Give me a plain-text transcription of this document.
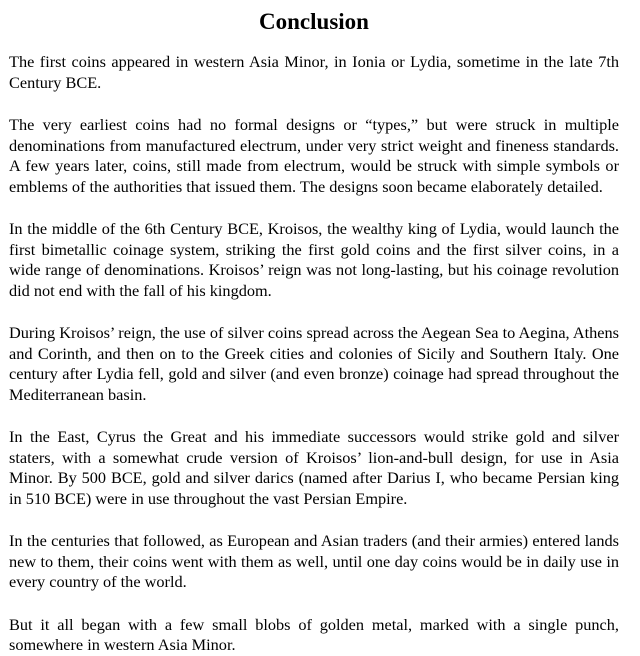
Conclusion

The first coins appeared in western Asia Minor, in Ionia or Lydia, sometime in the late 7th Century BCE.

The very earliest coins had no formal designs or “types,” but were struck in multiple denominations from manufactured electrum, under very strict weight and fineness standards. A few years later, coins, still made from electrum, would be struck with simple symbols or emblems of the authorities that issued them. The designs soon became elaborately detailed.

In the middle of the 6th Century BCE, Kroisos, the wealthy king of Lydia, would launch the first bimetallic coinage system, striking the first gold coins and the first silver coins, in a wide range of denominations. Kroisos’ reign was not long-lasting, but his coinage revolution did not end with the fall of his kingdom.

During Kroisos’ reign, the use of silver coins spread across the Aegean Sea to Aegina, Athens and Corinth, and then on to the Greek cities and colonies of Sicily and Southern Italy. One century after Lydia fell, gold and silver (and even bronze) coinage had spread throughout the Mediterranean basin.

In the East, Cyrus the Great and his immediate successors would strike gold and silver staters, with a somewhat crude version of Kroisos’ lion-and-bull design, for use in Asia Minor. By 500 BCE, gold and silver darics (named after Darius I, who became Persian king in 510 BCE) were in use throughout the vast Persian Empire.

In the centuries that followed, as European and Asian traders (and their armies) entered lands new to them, their coins went with them as well, until one day coins would be in daily use in every country of the world.

But it all began with a few small blobs of golden metal, marked with a single punch, somewhere in western Asia Minor.
